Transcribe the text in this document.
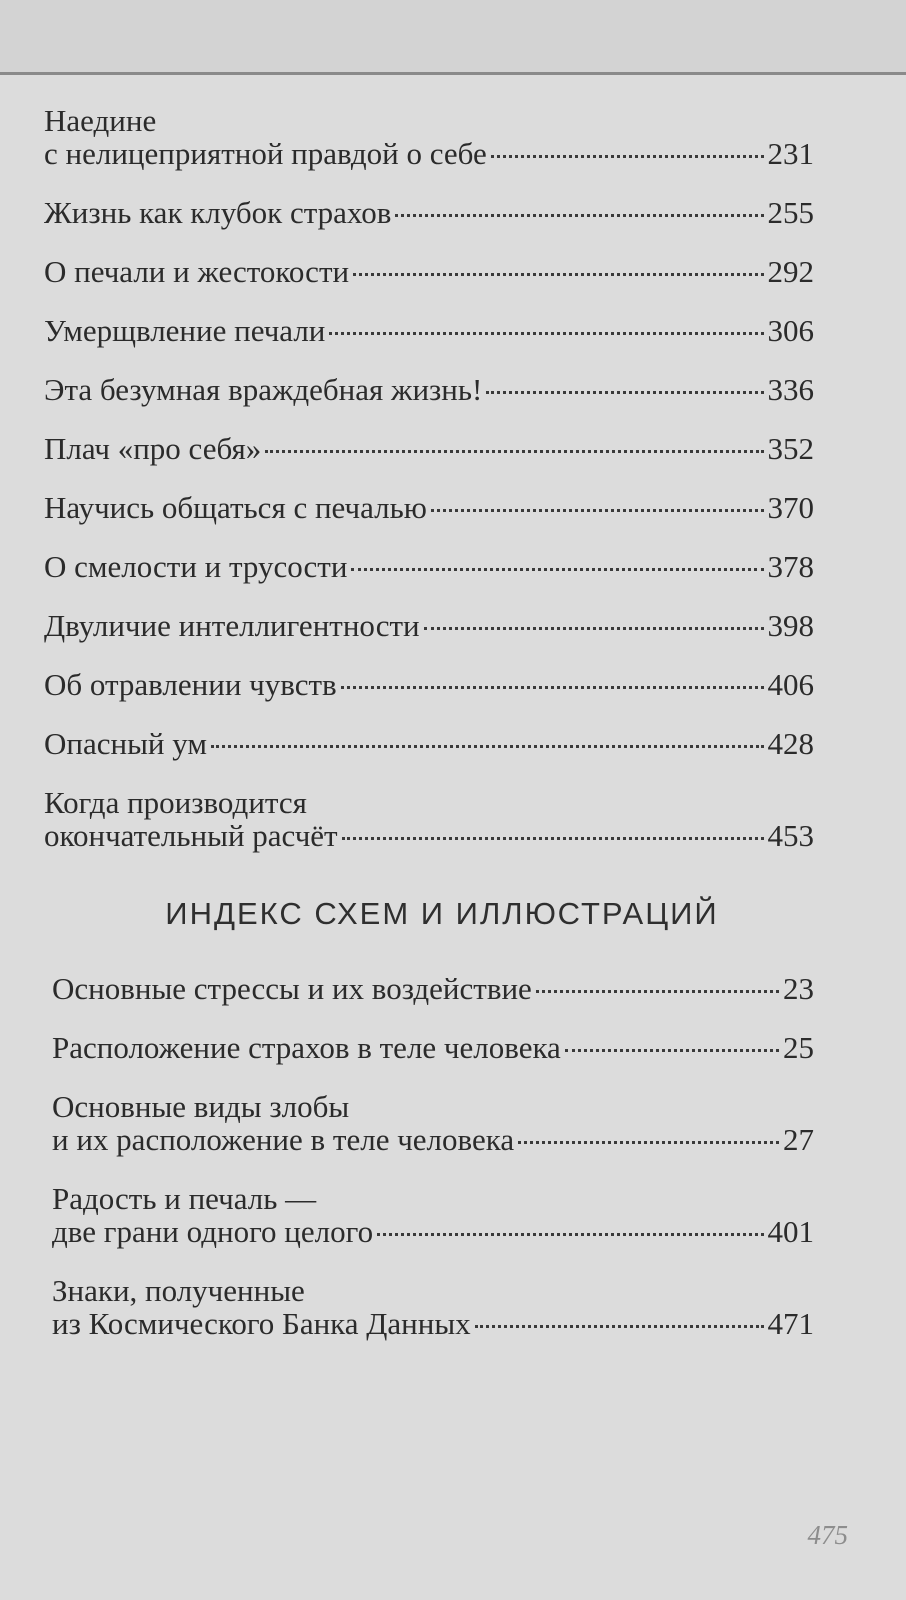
Наедине
с нелицеприятной правдой о себе	231
Жизнь как клубок страхов	255
О печали и жестокости	292
Умерщвление печали	306
Эта безумная враждебная жизнь!	336
Плач «про себя»	352
Научись общаться с печалью	370
О смелости и трусости	378
Двуличие интеллигентности	398
Об отравлении чувств	406
Опасный ум	428
Когда производится
окончательный расчёт	453
ИНДЕКС СХЕМ И ИЛЛЮСТРАЦИЙ
Основные стрессы и их воздействие	23
Расположение страхов в теле человека	25
Основные виды злобы
и их расположение в теле человека	27
Радость и печаль —
две грани одного целого	401
Знаки, полученные
из Космического Банка Данных	471
475
